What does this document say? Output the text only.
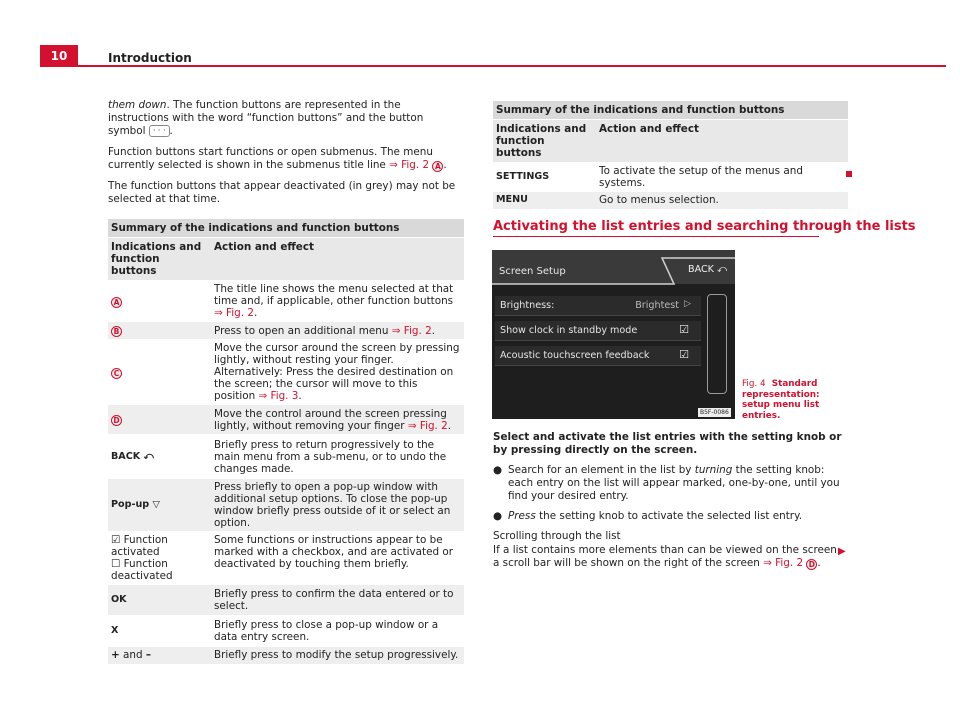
10	Introduction

them down. The function buttons are represented in the instructions with the word “function buttons” and the button symbol · · · .

Function buttons start functions or open submenus. The menu currently selected is shown in the submenus title line ⇒ Fig. 2 A .

The function buttons that appear deactivated (in grey) may not be selected at that time.

Summary of the indications and function buttons	
Indications and function buttons	Action and effect
A	The title line shows the menu selected at that time and, if applicable, other function buttons ⇒ Fig. 2.
B	Press to open an additional menu ⇒ Fig. 2.
C	Move the cursor around the screen by pressing lightly, without resting your finger. Alternatively: Press the desired destination on the screen; the cursor will move to this position ⇒ Fig. 3.
D	Move the control around the screen pressing lightly, without removing your finger ⇒ Fig. 2.
BACK ⤺	Briefly press to return progressively to the main menu from a sub-menu, or to undo the changes made.
Pop-up ▽	Press briefly to open a pop-up window with additional setup options. To close the pop-up window briefly press outside of it or select an option.
☑ Function activated
☐ Function deactivated	Some functions or instructions appear to be marked with a checkbox, and are activated or deactivated by touching them briefly.
OK	Briefly press to confirm the data entered or to select.
X	Briefly press to close a pop-up window or a data entry screen.
+ and –	Briefly press to modify the setup progressively.
Summary of the indications and function buttons	
Indications and function buttons	Action and effect
SETTINGS	To activate the setup of the menus and systems.
MENU	Go to menus selection.
Activating the list entries and searching through the lists
Screen Setup	BACK ⤺
Brightness:	Brightest ▷
Show clock in standby mode	☑
Acoustic touchscreen feedback	☑
B5F-0086
Fig. 4 Standard representation: setup menu list entries.

Select and activate the list entries with the setting knob or by pressing directly on the screen.

● Search for an element in the list by turning the setting knob: each entry on the list will appear marked, one-by-one, until you find your desired entry.
● Press the setting knob to activate the selected list entry.

Scrolling through the list

If a list contains more elements than can be viewed on the screen, a scroll bar will be shown on the right of the screen ⇒ Fig. 2 D .

▶
